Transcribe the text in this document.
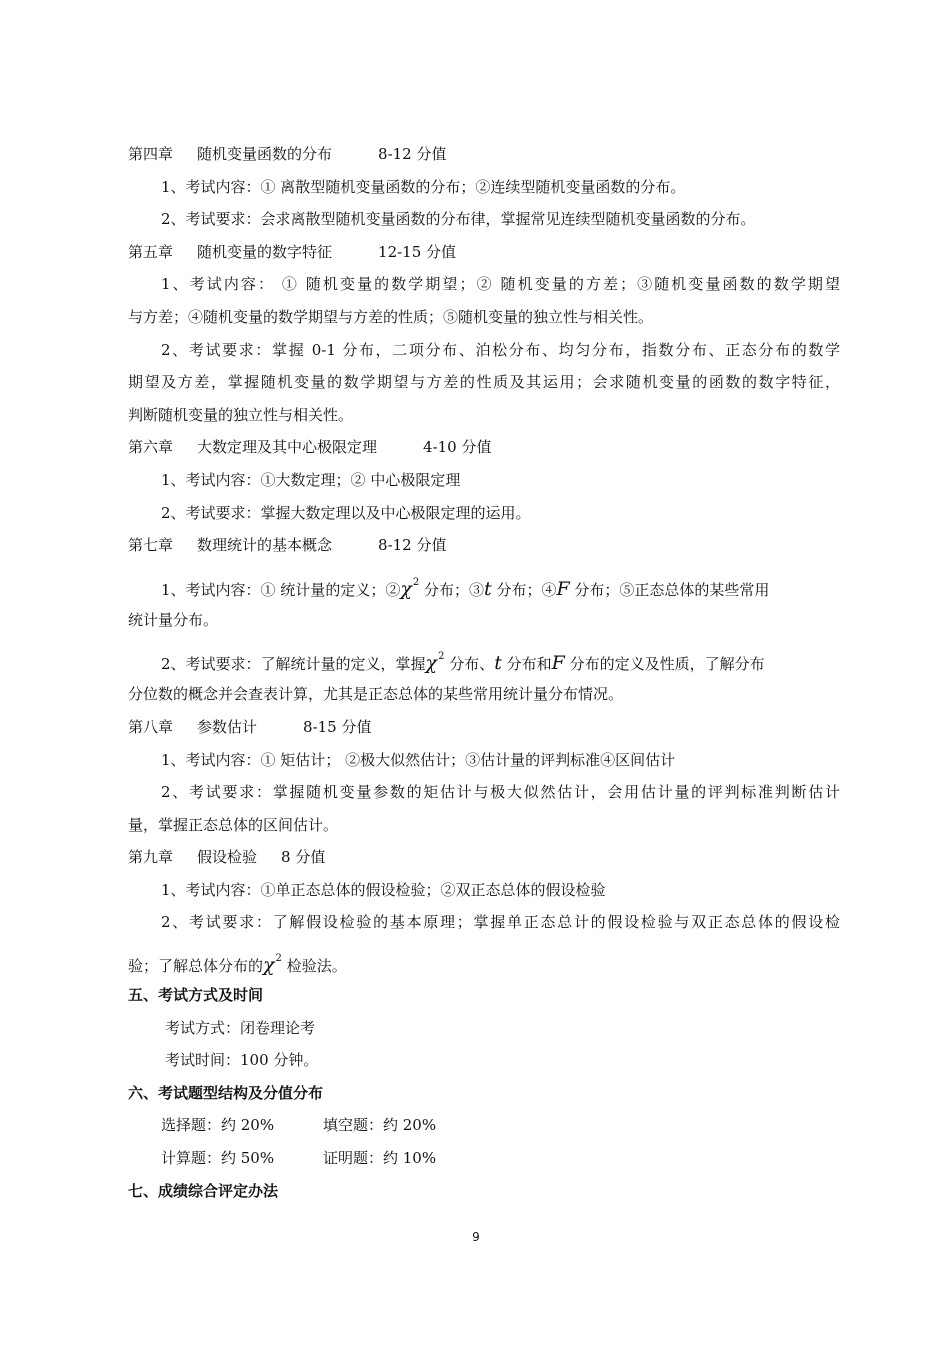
第四章 随机变量函数的分布	8-12 分值
1、考试内容：① 离散型随机变量函数的分布；②连续型随机变量函数的分布。
2、考试要求：会求离散型随机变量函数的分布律，掌握常见连续型随机变量函数的分布。
第五章 随机变量的数字特征	12-15 分值
1、考试内容： ① 随机变量的数学期望；② 随机变量的方差；③随机变量函数的数学期望
与方差；④随机变量的数学期望与方差的性质；⑤随机变量的独立性与相关性。
2、考试要求：掌握 0-1 分布，二项分布、泊松分布、均匀分布，指数分布、正态分布的数学
期望及方差，掌握随机变量的数学期望与方差的性质及其运用；会求随机变量的函数的数字特征，
判断随机变量的独立性与相关性。
第六章 大数定理及其中心极限定理	4-10 分值
1、考试内容：①大数定理；② 中心极限定理
2、考试要求：掌握大数定理以及中心极限定理的运用。
第七章 数理统计的基本概念	8-12 分值
1、考试内容：① 统计量的定义；$②\chi^2$ 分布；③t 分布；④F 分布；⑤正态总体的某些常用
统计量分布。
2、考试要求：了解统计量的定义，掌握$\chi^2$ 分布、t 分布和F 分布的定义及性质，了解分布
分位数的概念并会查表计算，尤其是正态总体的某些常用统计量分布情况。
第八章 参数估计	8-15 分值
1、考试内容：① 矩估计； ②极大似然估计；③估计量的评判标准④区间估计
2、考试要求：掌握随机变量参数的矩估计与极大似然估计，会用估计量的评判标准判断估计
量，掌握正态总体的区间估计。
第九章 假设检验 8 分值
1、考试内容：①单正态总体的假设检验；②双正态总体的假设检验
2、考试要求：了解假设检验的基本原理；掌握单正态总计的假设检验与双正态总体的假设检
验；了解总体分布的$\chi^2$ 检验法。
五、考试方式及时间
考试方式：闭卷理论考
考试时间：100 分钟。
六、考试题型结构及分值分布
选择题：约 20%	填空题：约 20%
计算题：约 50%	证明题：约 10%
七、成绩综合评定办法
9
